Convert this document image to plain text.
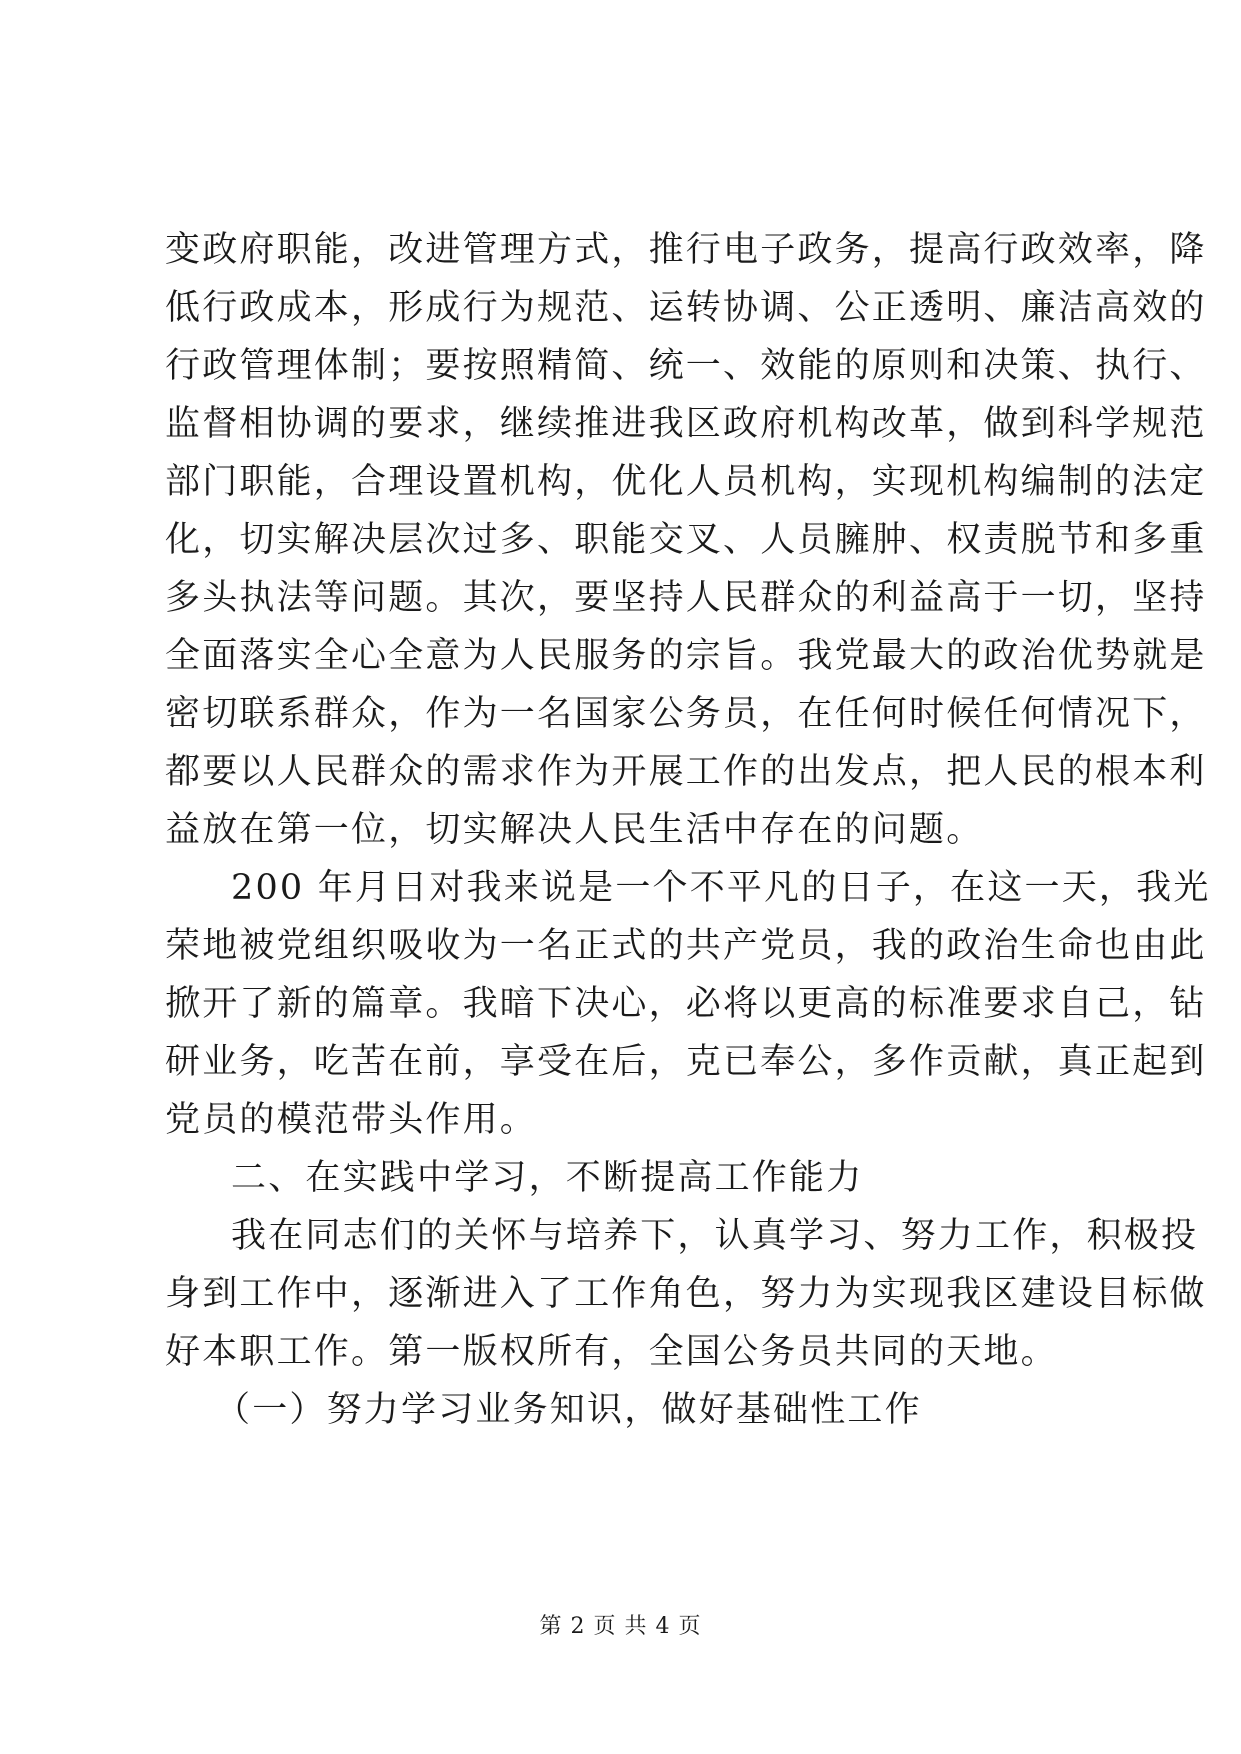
变政府职能，改进管理方式，推行电子政务，提高行政效率，降
低行政成本，形成行为规范、运转协调、公正透明、廉洁高效的
行政管理体制；要按照精简、统一、效能的原则和决策、执行、
监督相协调的要求，继续推进我区政府机构改革，做到科学规范
部门职能，合理设置机构，优化人员机构，实现机构编制的法定
化，切实解决层次过多、职能交叉、人员臃肿、权责脱节和多重
多头执法等问题。其次，要坚持人民群众的利益高于一切，坚持
全面落实全心全意为人民服务的宗旨。我党最大的政治优势就是
密切联系群众，作为一名国家公务员，在任何时候任何情况下，
都要以人民群众的需求作为开展工作的出发点，把人民的根本利
益放在第一位，切实解决人民生活中存在的问题。
200 年月日对我来说是一个不平凡的日子，在这一天，我光
荣地被党组织吸收为一名正式的共产党员，我的政治生命也由此
掀开了新的篇章。我暗下决心，必将以更高的标准要求自己，钻
研业务，吃苦在前，享受在后，克已奉公，多作贡献，真正起到
党员的模范带头作用。
二、在实践中学习，不断提高工作能力
我在同志们的关怀与培养下，认真学习、努力工作，积极投
身到工作中，逐渐进入了工作角色，努力为实现我区建设目标做
好本职工作。第一版权所有，全国公务员共同的天地。
（一）努力学习业务知识，做好基础性工作
第 2 页 共 4 页
